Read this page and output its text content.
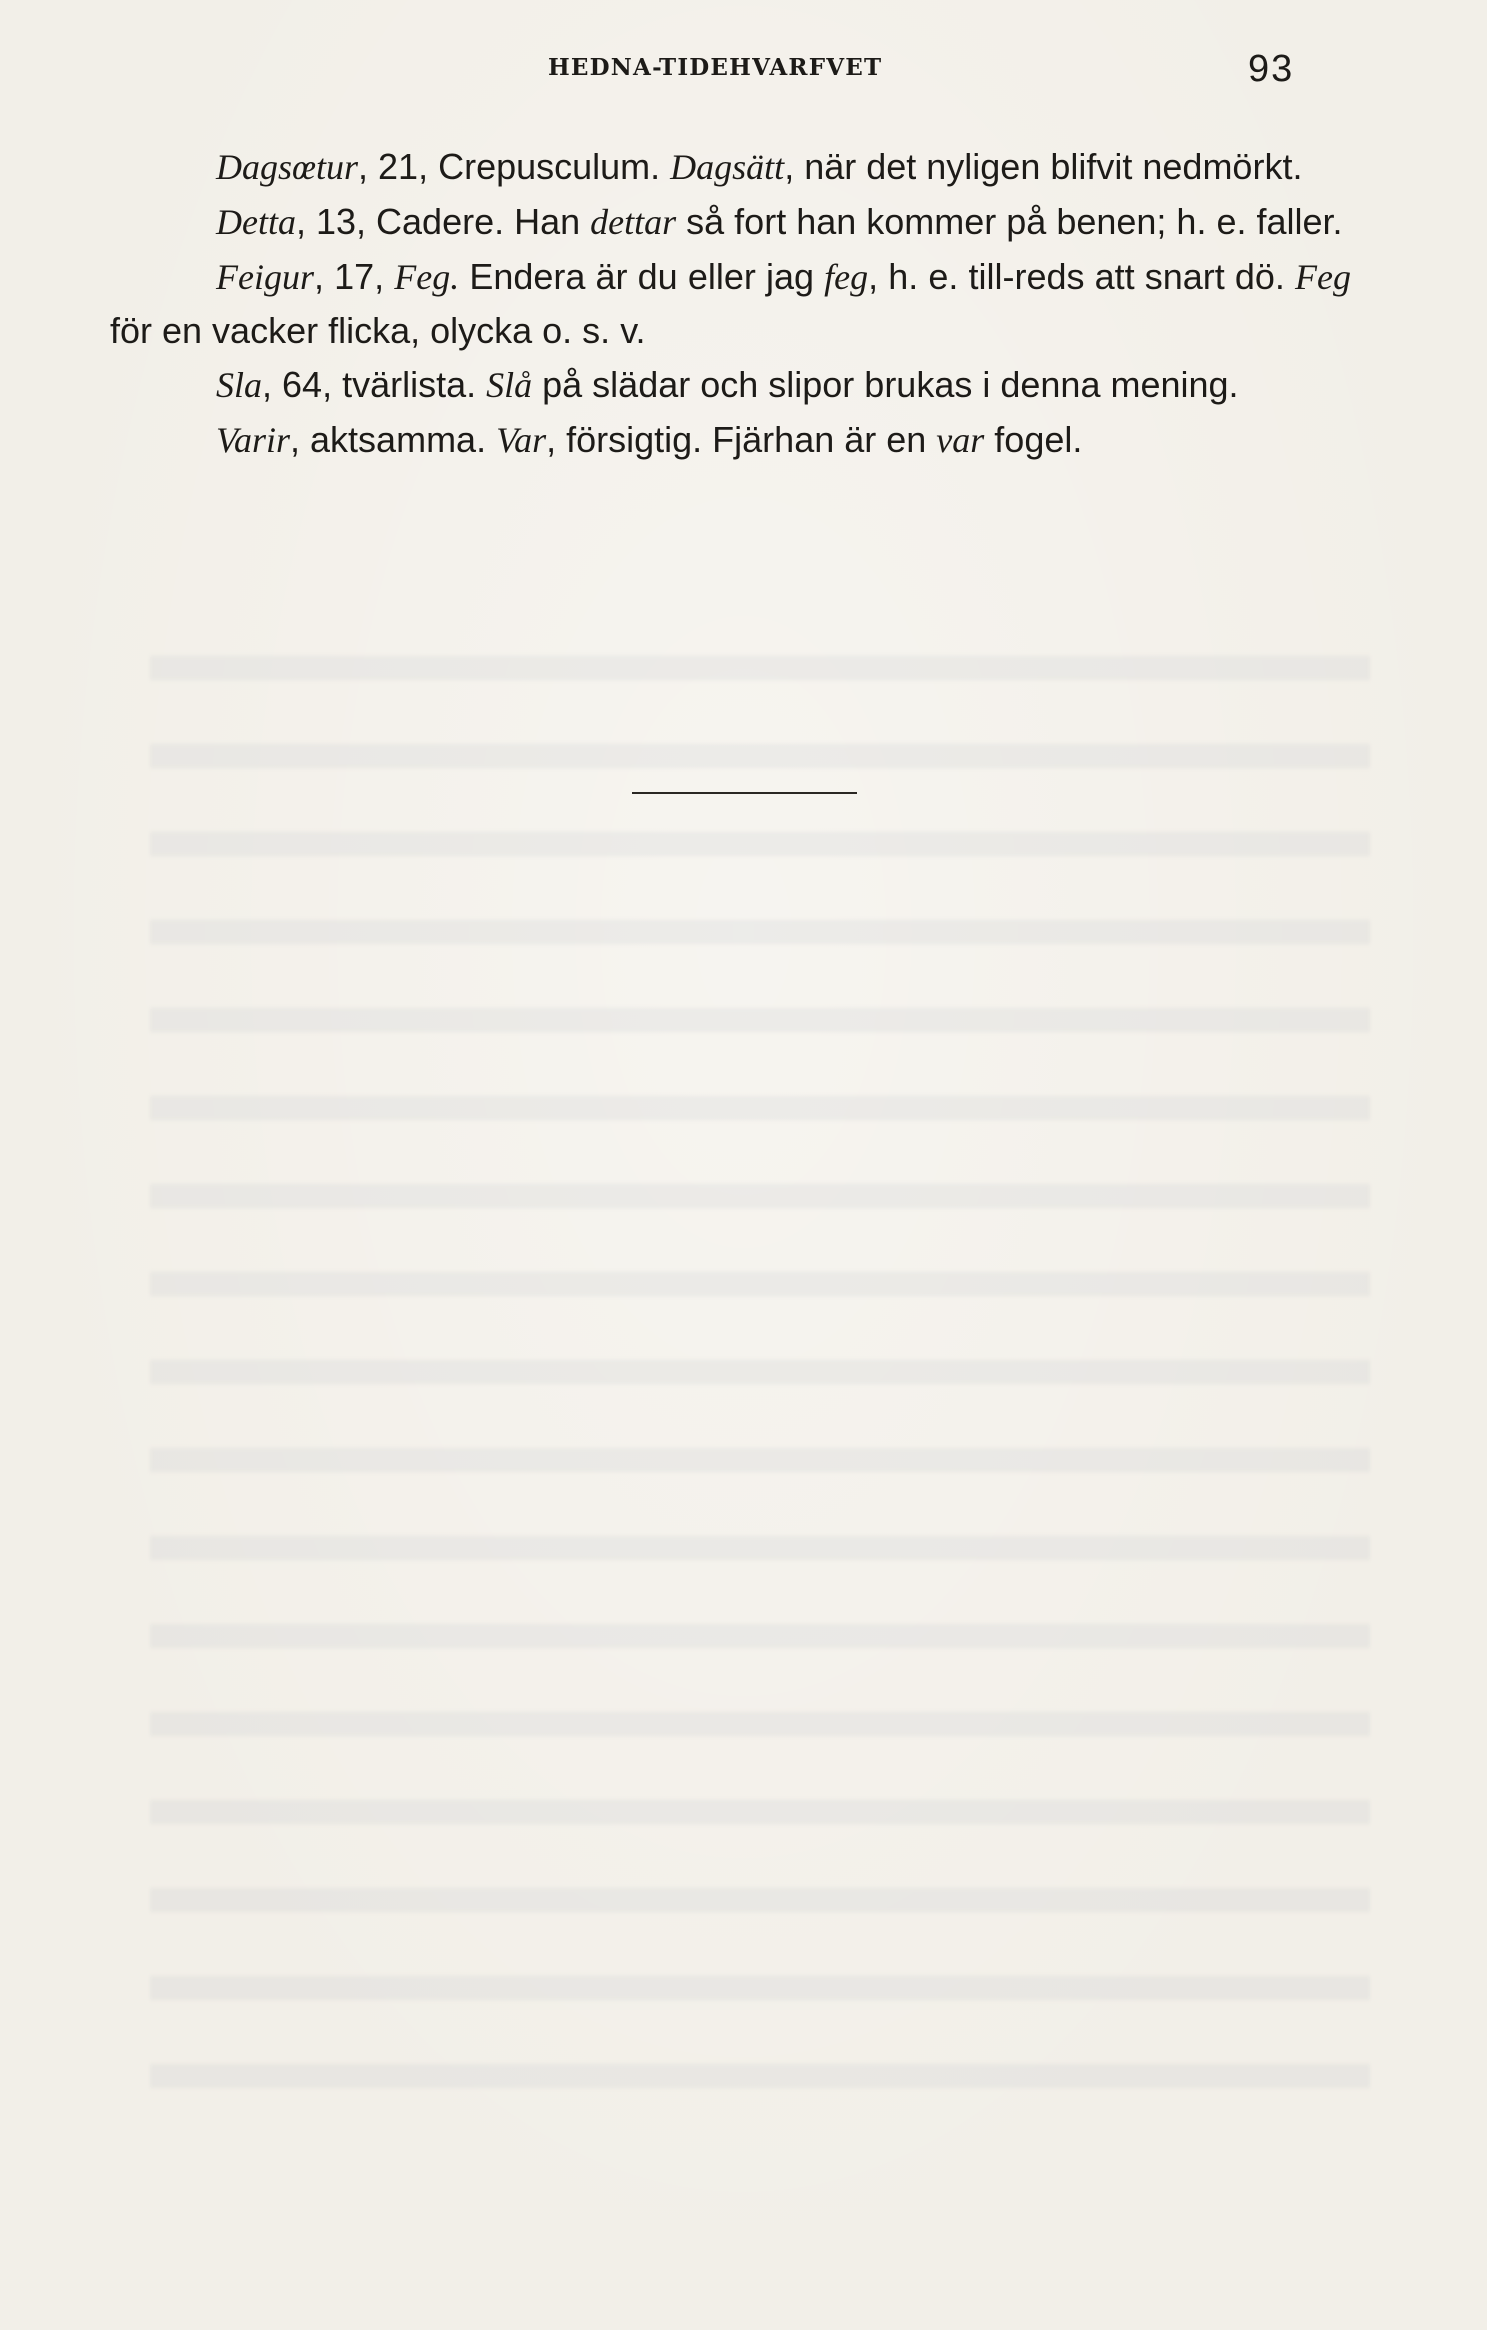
HEDNA-TIDEHVARFVET	93

Dagsœtur, 21, Crepusculum. Dagsätt, när det nyligen blifvit nedmörkt.

Detta, 13, Cadere. Han dettar så fort han kommer på benen; h. e. faller.

Feigur, 17, Feg. Endera är du eller jag feg, h. e. till-reds att snart dö. Feg för en vacker flicka, olycka o. s. v.

Sla, 64, tvärlista. Slå på slädar och slipor brukas i denna mening.

Varir, aktsamma. Var, försigtig. Fjärhan är en var fogel.
